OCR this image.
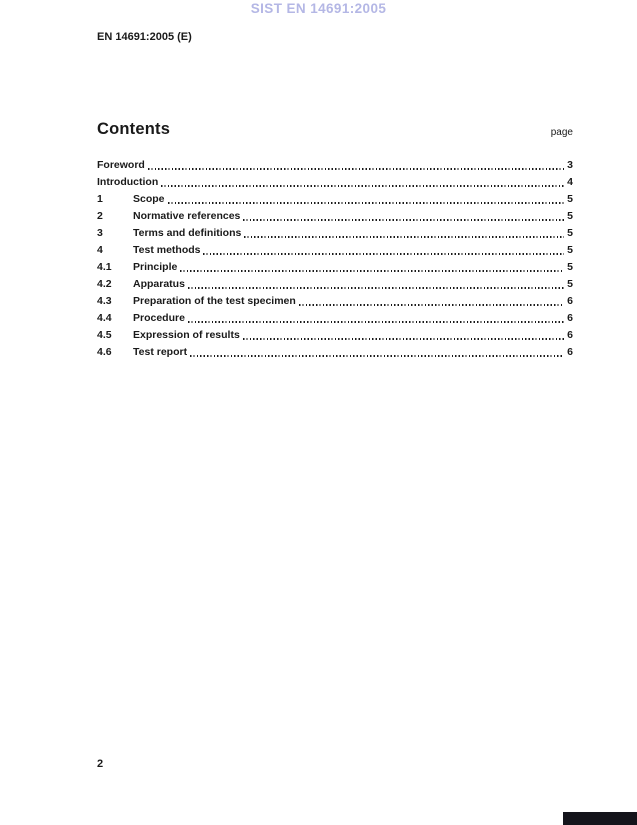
SIST EN 14691:2005
EN 14691:2005 (E)
Contents	page
Foreword	3
Introduction	4
1	Scope	5
2	Normative references	5
3	Terms and definitions	5
4	Test methods	5
4.1	Principle	5
4.2	Apparatus	5
4.3	Preparation of the test specimen	6
4.4	Procedure	6
4.5	Expression of results	6
4.6	Test report	6
2
